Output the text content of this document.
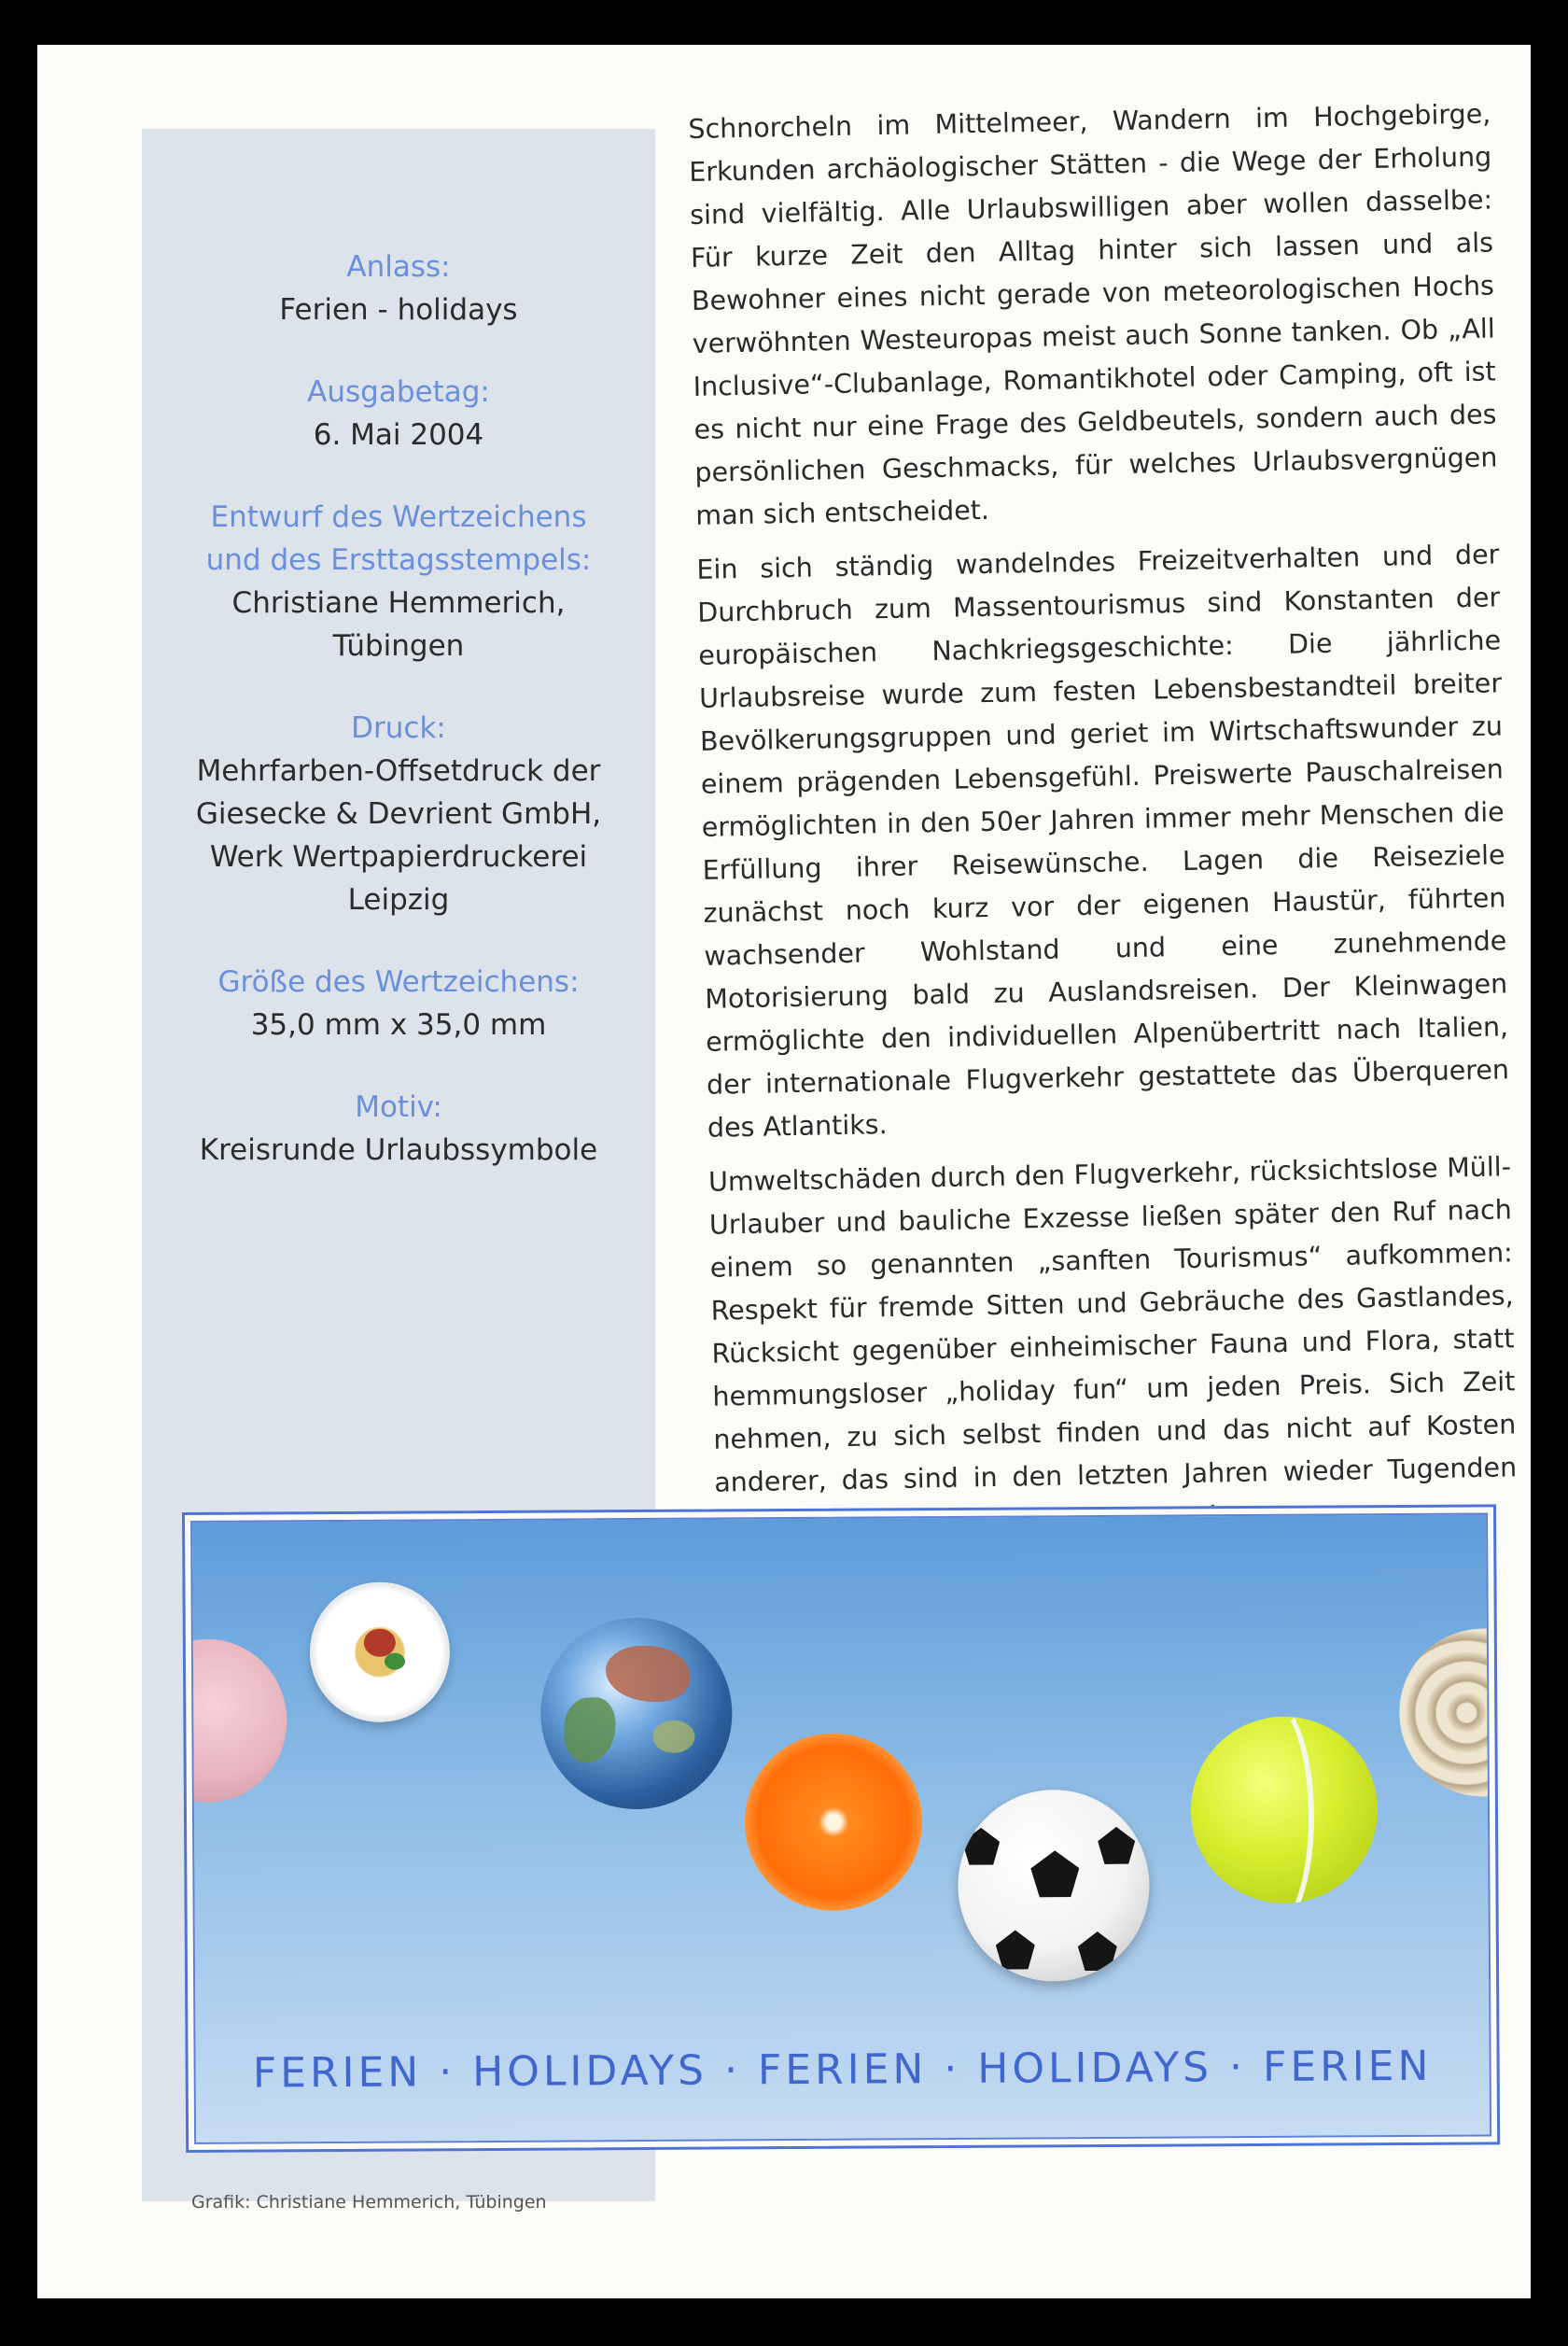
Anlass:
Ferien - holidays
Ausgabetag:
6. Mai 2004
Entwurf des Wertzeichens
und des Ersttagsstempels:
Christiane Hemmerich,
Tübingen
Druck:
Mehrfarben-Offsetdruck der
Giesecke & Devrient GmbH,
Werk Wertpapierdruckerei
Leipzig
Größe des Wertzeichens:
35,0 mm x 35,0 mm
Motiv:
Kreisrunde Urlaubssymbole

Schnorcheln im Mittelmeer, Wandern im Hochgebirge, Erkunden archäologischer Stätten - die Wege der Erholung sind vielfältig. Alle Urlaubswilligen aber wollen dasselbe: Für kurze Zeit den Alltag hinter sich lassen und als Bewohner eines nicht gerade von meteorologischen Hochs verwöhnten Westeuropas meist auch Sonne tanken. Ob „All Inclusive“-Clubanlage, Romantikhotel oder Camping, oft ist es nicht nur eine Frage des Geldbeutels, sondern auch des persönlichen Geschmacks, für welches Urlaubsvergnügen man sich entscheidet.

Ein sich ständig wandelndes Freizeitverhalten und der Durchbruch zum Massentourismus sind Konstanten der europäischen Nachkriegsgeschichte: Die jährliche Urlaubsreise wurde zum festen Lebensbestandteil breiter Bevölkerungsgruppen und geriet im Wirtschaftswunder zu einem prägenden Lebensgefühl. Preiswerte Pauschalreisen ermöglichten in den 50er Jahren immer mehr Menschen die Erfüllung ihrer Reisewünsche. Lagen die Reiseziele zunächst noch kurz vor der eigenen Haustür, führten wachsender Wohlstand und eine zunehmende Motorisierung bald zu Auslandsreisen. Der Kleinwagen ermöglichte den individuellen Alpenübertritt nach Italien, der internationale Flugverkehr gestattete das Überqueren des Atlantiks.

Umweltschäden durch den Flugverkehr, rücksichtslose Müll-Urlauber und bauliche Exzesse ließen später den Ruf nach einem so genannten „sanften Tourismus“ aufkommen: Respekt für fremde Sitten und Gebräuche des Gastlandes, Rücksicht gegenüber einheimischer Fauna und Flora, statt hemmungsloser „holiday fun“ um jeden Preis. Sich Zeit nehmen, zu sich selbst finden und das nicht auf Kosten anderer, das sind in den letzten Jahren wieder Tugenden

FERIEN · HOLIDAYS · FERIEN · HOLIDAYS · FERIEN
Grafik: Christiane Hemmerich, Tübingen
